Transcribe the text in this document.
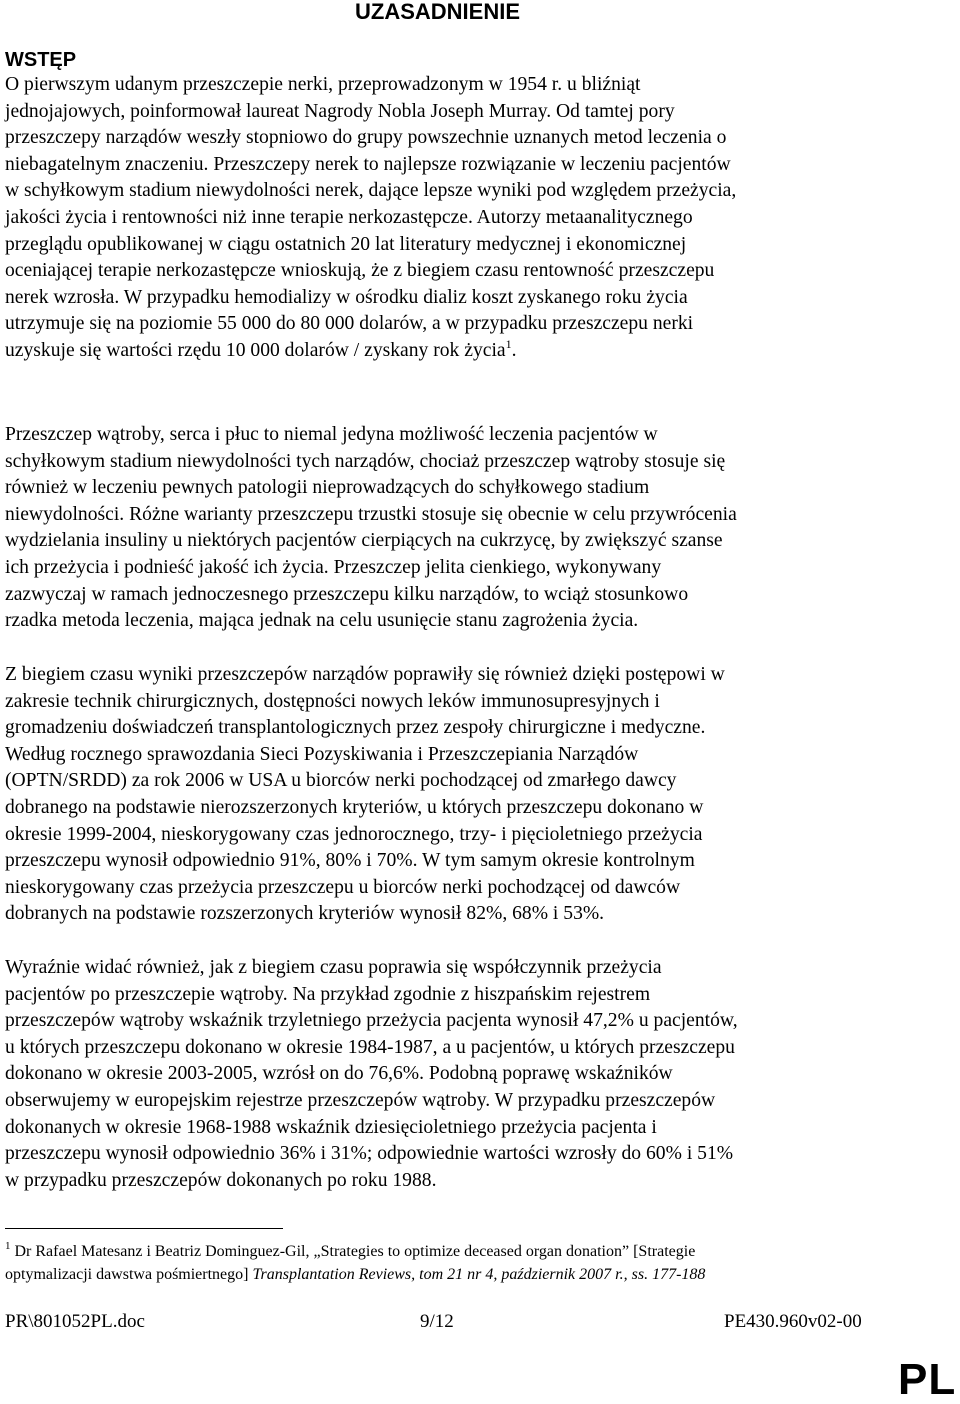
UZASADNIENIE
WSTĘP
O pierwszym udanym przeszczepie nerki, przeprowadzonym w 1954 r. u bliźniąt
jednojajowych, poinformował laureat Nagrody Nobla Joseph Murray. Od tamtej pory
przeszczepy narządów weszły stopniowo do grupy powszechnie uznanych metod leczenia o
niebagatelnym znaczeniu. Przeszczepy nerek to najlepsze rozwiązanie w leczeniu pacjentów
w schyłkowym stadium niewydolności nerek, dające lepsze wyniki pod względem przeżycia,
jakości życia i rentowności niż inne terapie nerkozastępcze. Autorzy metaanalitycznego
przeglądu opublikowanej w ciągu ostatnich 20 lat literatury medycznej i ekonomicznej
oceniającej terapie nerkozastępcze wnioskują, że z biegiem czasu rentowność przeszczepu
nerek wzrosła. W przypadku hemodializy w ośrodku dializ koszt zyskanego roku życia
utrzymuje się na poziomie 55 000 do 80 000 dolarów, a w przypadku przeszczepu nerki
uzyskuje się wartości rzędu 10 000 dolarów / zyskany rok życia$^1$.
Przeszczep wątroby, serca i płuc to niemal jedyna możliwość leczenia pacjentów w
schyłkowym stadium niewydolności tych narządów, chociaż przeszczep wątroby stosuje się
również w leczeniu pewnych patologii nieprowadzących do schyłkowego stadium
niewydolności. Różne warianty przeszczepu trzustki stosuje się obecnie w celu przywrócenia
wydzielania insuliny u niektórych pacjentów cierpiących na cukrzycę, by zwiększyć szanse
ich przeżycia i podnieść jakość ich życia. Przeszczep jelita cienkiego, wykonywany
zazwyczaj w ramach jednoczesnego przeszczepu kilku narządów, to wciąż stosunkowo
rzadka metoda leczenia, mająca jednak na celu usunięcie stanu zagrożenia życia.
Z biegiem czasu wyniki przeszczepów narządów poprawiły się również dzięki postępowi w
zakresie technik chirurgicznych, dostępności nowych leków immunosupresyjnych i
gromadzeniu doświadczeń transplantologicznych przez zespoły chirurgiczne i medyczne.
Według rocznego sprawozdania Sieci Pozyskiwania i Przeszczepiania Narządów
(OPTN/SRDD) za rok 2006 w USA u biorców nerki pochodzącej od zmarłego dawcy
dobranego na podstawie nierozszerzonych kryteriów, u których przeszczepu dokonano w
okresie 1999-2004, nieskorygowany czas jednorocznego, trzy- i pięcioletniego przeżycia
przeszczepu wynosił odpowiednio 91%, 80% i 70%. W tym samym okresie kontrolnym
nieskorygowany czas przeżycia przeszczepu u biorców nerki pochodzącej od dawców
dobranych na podstawie rozszerzonych kryteriów wynosił 82%, 68% i 53%.
Wyraźnie widać również, jak z biegiem czasu poprawia się współczynnik przeżycia
pacjentów po przeszczepie wątroby. Na przykład zgodnie z hiszpańskim rejestrem
przeszczepów wątroby wskaźnik trzyletniego przeżycia pacjenta wynosił 47,2% u pacjentów,
u których przeszczepu dokonano w okresie 1984-1987, a u pacjentów, u których przeszczepu
dokonano w okresie 2003-2005, wzrósł on do 76,6%. Podobną poprawę wskaźników
obserwujemy w europejskim rejestrze przeszczepów wątroby. W przypadku przeszczepów
dokonanych w okresie 1968-1988 wskaźnik dziesięcioletniego przeżycia pacjenta i
przeszczepu wynosił odpowiednio 36% i 31%; odpowiednie wartości wzrosły do 60% i 51%
w przypadku przeszczepów dokonanych po roku 1988.
$^1$ Dr Rafael Matesanz i Beatriz Dominguez-Gil, „Strategies to optimize deceased organ donation” [Strategie
optymalizacji dawstwa pośmiertnego] Transplantation Reviews, tom 21 nr 4, październik 2007 r., ss. 177-188
PR\801052PL.doc	9/12	PE430.960v02-00
PL
